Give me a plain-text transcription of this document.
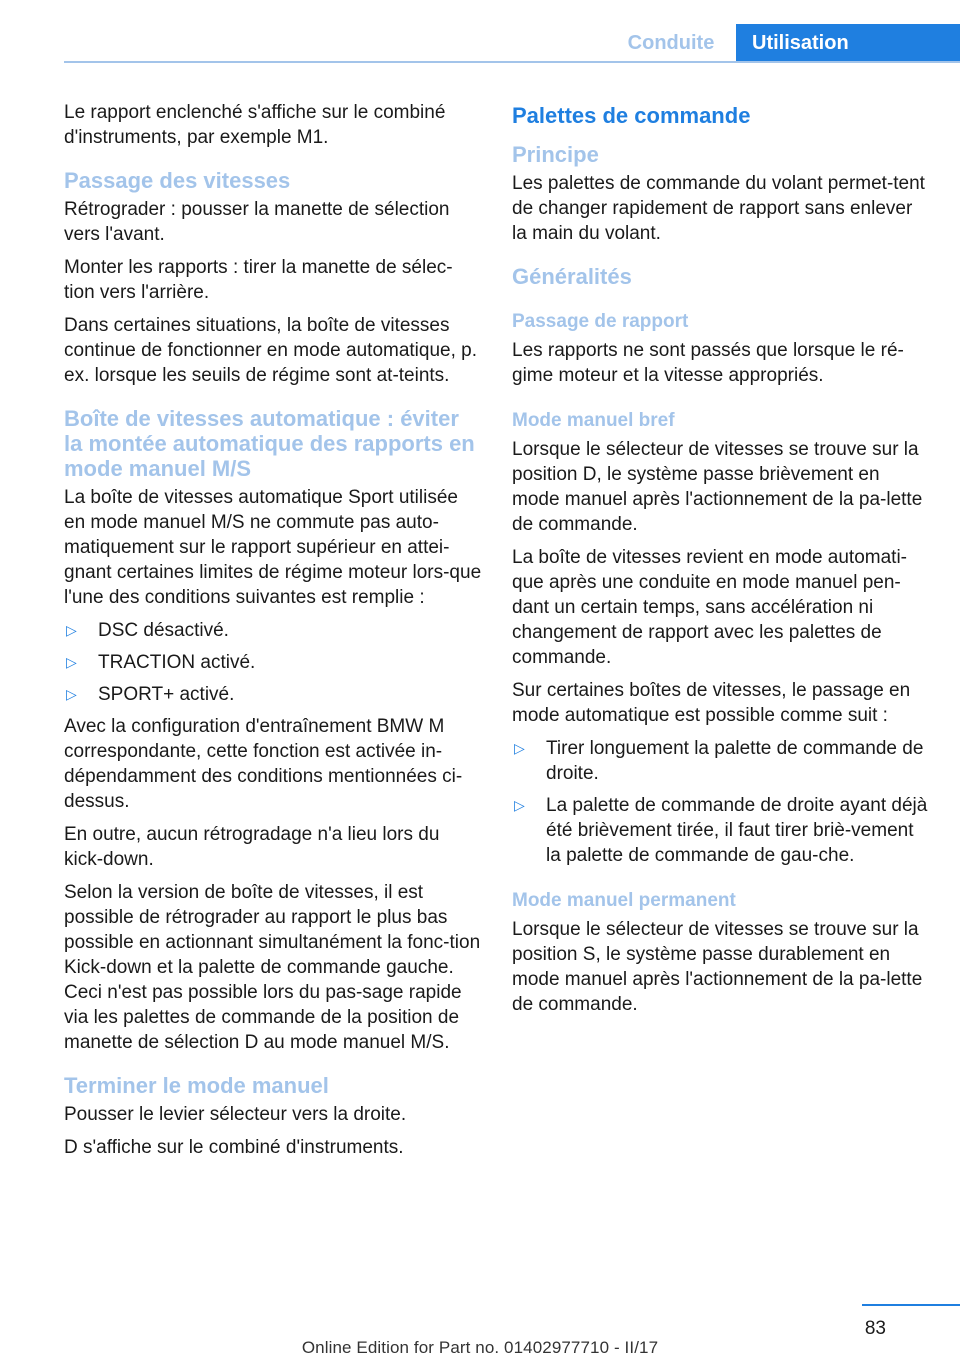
Conduite	Utilisation

Le rapport enclenché s'affiche sur le combiné d'instruments, par exemple M1.

Passage des vitesses

Rétrograder : pousser la manette de sélection vers l'avant.

Monter les rapports : tirer la manette de sélec‐tion vers l'arrière.

Dans certaines situations, la boîte de vitesses continue de fonctionner en mode automatique, p. ex. lorsque les seuils de régime sont at‐teints.

Boîte de vitesses automatique : éviter la montée automatique des rapports en mode manuel M/S

La boîte de vitesses automatique Sport utilisée en mode manuel M/S ne commute pas auto‐matiquement sur le rapport supérieur en attei‐gnant certaines limites de régime moteur lors‐que l'une des conditions suivantes est remplie :

▷	DSC désactivé.
▷	TRACTION activé.
▷	SPORT+ activé.

Avec la configuration d'entraînement BMW M correspondante, cette fonction est activée in‐dépendamment des conditions mentionnées ci-dessus.

En outre, aucun rétrogradage n'a lieu lors du kick-down.

Selon la version de boîte de vitesses, il est possible de rétrograder au rapport le plus bas possible en actionnant simultanément la fonc‐tion Kick-down et la palette de commande gauche. Ceci n'est pas possible lors du pas‐sage rapide via les palettes de commande de la position de manette de sélection D au mode manuel M/S.

Terminer le mode manuel

Pousser le levier sélecteur vers la droite.

D s'affiche sur le combiné d'instruments.

Palettes de commande
Principe

Les palettes de commande du volant permet‐tent de changer rapidement de rapport sans enlever la main du volant.

Généralités
Passage de rapport

Les rapports ne sont passés que lorsque le ré‐gime moteur et la vitesse appropriés.

Mode manuel bref

Lorsque le sélecteur de vitesses se trouve sur la position D, le système passe brièvement en mode manuel après l'actionnement de la pa‐lette de commande.

La boîte de vitesses revient en mode automati‐que après une conduite en mode manuel pen‐dant un certain temps, sans accélération ni changement de rapport avec les palettes de commande.

Sur certaines boîtes de vitesses, le passage en mode automatique est possible comme suit :

▷	Tirer longuement la palette de commande de droite.
▷	La palette de commande de droite ayant déjà été brièvement tirée, il faut tirer briè‐vement la palette de commande de gau‐che.
Mode manuel permanent

Lorsque le sélecteur de vitesses se trouve sur la position S, le système passe durablement en mode manuel après l'actionnement de la pa‐lette de commande.

83
Online Edition for Part no. 01402977710 - II/17
